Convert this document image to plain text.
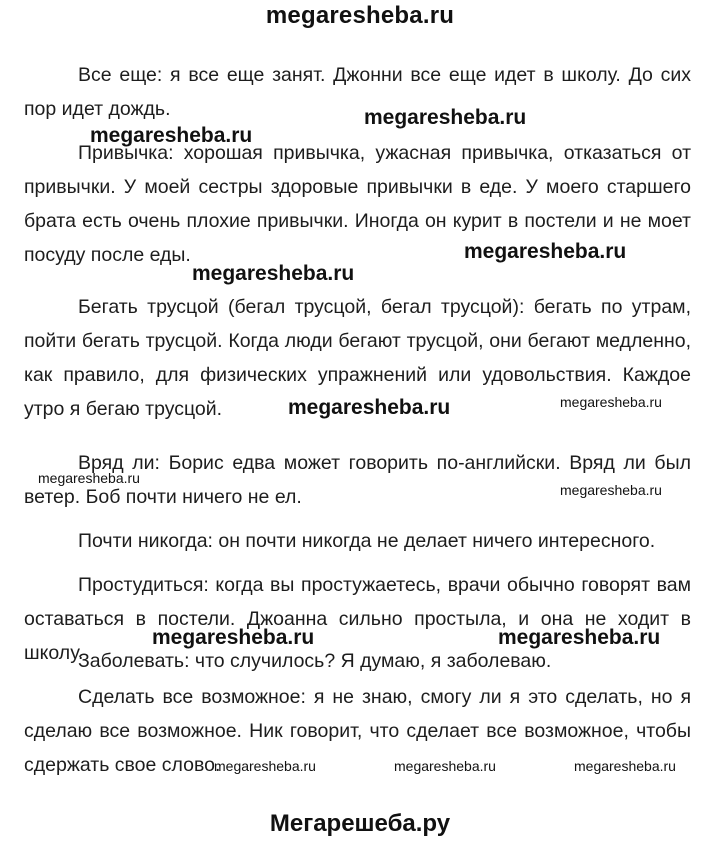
megaresheba.ru

Все еще: я все еще занят. Джонни все еще идет в школу. До сих пор идет дождь.

Привычка: хорошая привычка, ужасная привычка, отказаться от привычки. У моей сестры здоровые привычки в еде. У моего старшего брата есть очень плохие привычки. Иногда он курит в постели и не моет посуду после еды.

Бегать трусцой (бегал трусцой, бегал трусцой): бегать по утрам, пойти бегать трусцой. Когда люди бегают трусцой, они бегают медленно, как правило, для физических упражнений или удовольствия. Каждое утро я бегаю трусцой.

Вряд ли: Борис едва может говорить по-английски. Вряд ли был ветер. Боб почти ничего не ел.

Почти никогда: он почти никогда не делает ничего интересного.

Простудиться: когда вы простужаетесь, врачи обычно говорят вам оставаться в постели. Джоанна сильно простыла, и она не ходит в школу.

Заболевать: что случилось? Я думаю, я заболеваю.

Сделать все возможное: я не знаю, смогу ли я это сделать, но я сделаю все возможное. Ник говорит, что сделает все возможное, чтобы сдержать свое слово.

megaresheba.ru
megaresheba.ru
megaresheba.ru
megaresheba.ru
megaresheba.ru	megaresheba.ru
megaresheba.ru
megaresheba.ru
megaresheba.ru	megaresheba.ru
megaresheba.ru	megaresheba.ru	megaresheba.ru
Мегарешеба.ру
